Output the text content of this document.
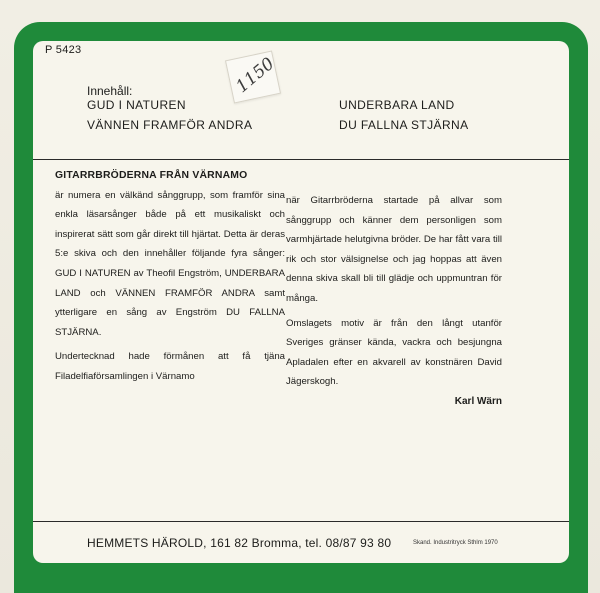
P 5423
1150
Innehåll:
GUD I NATUREN
VÄNNEN FRAMFÖR ANDRA
UNDERBARA LAND
DU FALLNA STJÄRNA
GITARRBRÖDERNA FRÅN VÄRNAMO
är numera en välkänd sånggrupp, som framför sina enkla läsarsånger både på ett musikaliskt och inspirerat sätt som går direkt till hjärtat. Detta är deras 5:e skiva och den innehåller följande fyra sånger: GUD I NATUREN av Theofil Engström, UNDERBARA LAND och VÄNNEN FRAMFÖR ANDRA samt ytterligare en sång av Engström DU FALLNA STJÄRNA.
Undertecknad hade förmånen att få tjäna Filadelfiaförsamlingen i Värnamo
när Gitarrbröderna startade på allvar som sånggrupp och känner dem personligen som varmhjärtade helutgivna bröder. De har fått vara till rik och stor välsignelse och jag hoppas att även denna skiva skall bli till glädje och uppmuntran för många.
Omslagets motiv är från den långt utanför Sveriges gränser kända, vackra och besjungna Apladalen efter en akvarell av konstnären David Jägerskogh.
Karl Wärn
HEMMETS HÄROLD, 161 82 Bromma, tel. 08/87 93 80	Skand. Industritryck Sthlm 1970
